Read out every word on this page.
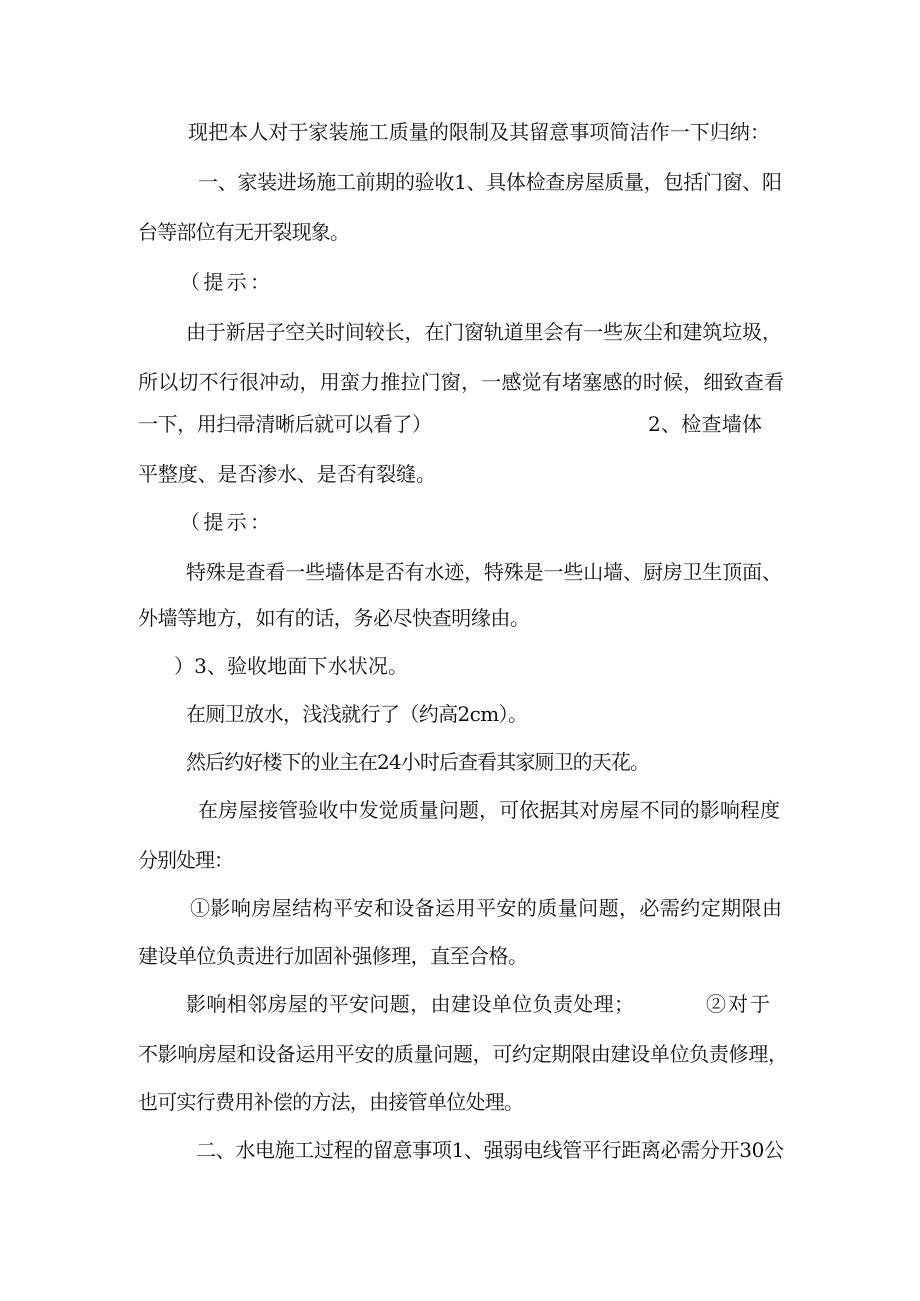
现把本人对于家装施工质量的限制及其留意事项简洁作一下归纳：
一、家装进场施工前期的验收1、具体检查房屋质量，包括门窗、阳
台等部位有无开裂现象。
（提示：
由于新居子空关时间较长，在门窗轨道里会有一些灰尘和建筑垃圾，
所以切不行很冲动，用蛮力推拉门窗，一感觉有堵塞感的时候，细致查看
一下，用扫帚清晰后就可以看了）	2、检查墙体
平整度、是否渗水、是否有裂缝。
（提示：
特殊是查看一些墙体是否有水迹，特殊是一些山墙、厨房卫生顶面、
外墙等地方，如有的话，务必尽快查明缘由。
）3、验收地面下水状况。
在厕卫放水，浅浅就行了（约高2cm）。
然后约好楼下的业主在24小时后查看其家厕卫的天花。
在房屋接管验收中发觉质量问题，可依据其对房屋不同的影响程度
分别处理：
①影响房屋结构平安和设备运用平安的质量问题，必需约定期限由
建设单位负责进行加固补强修理，直至合格。
影响相邻房屋的平安问题，由建设单位负责处理；	②对于
不影响房屋和设备运用平安的质量问题，可约定期限由建设单位负责修理，
也可实行费用补偿的方法，由接管单位处理。
二、水电施工过程的留意事项1、强弱电线管平行距离必需分开30公
